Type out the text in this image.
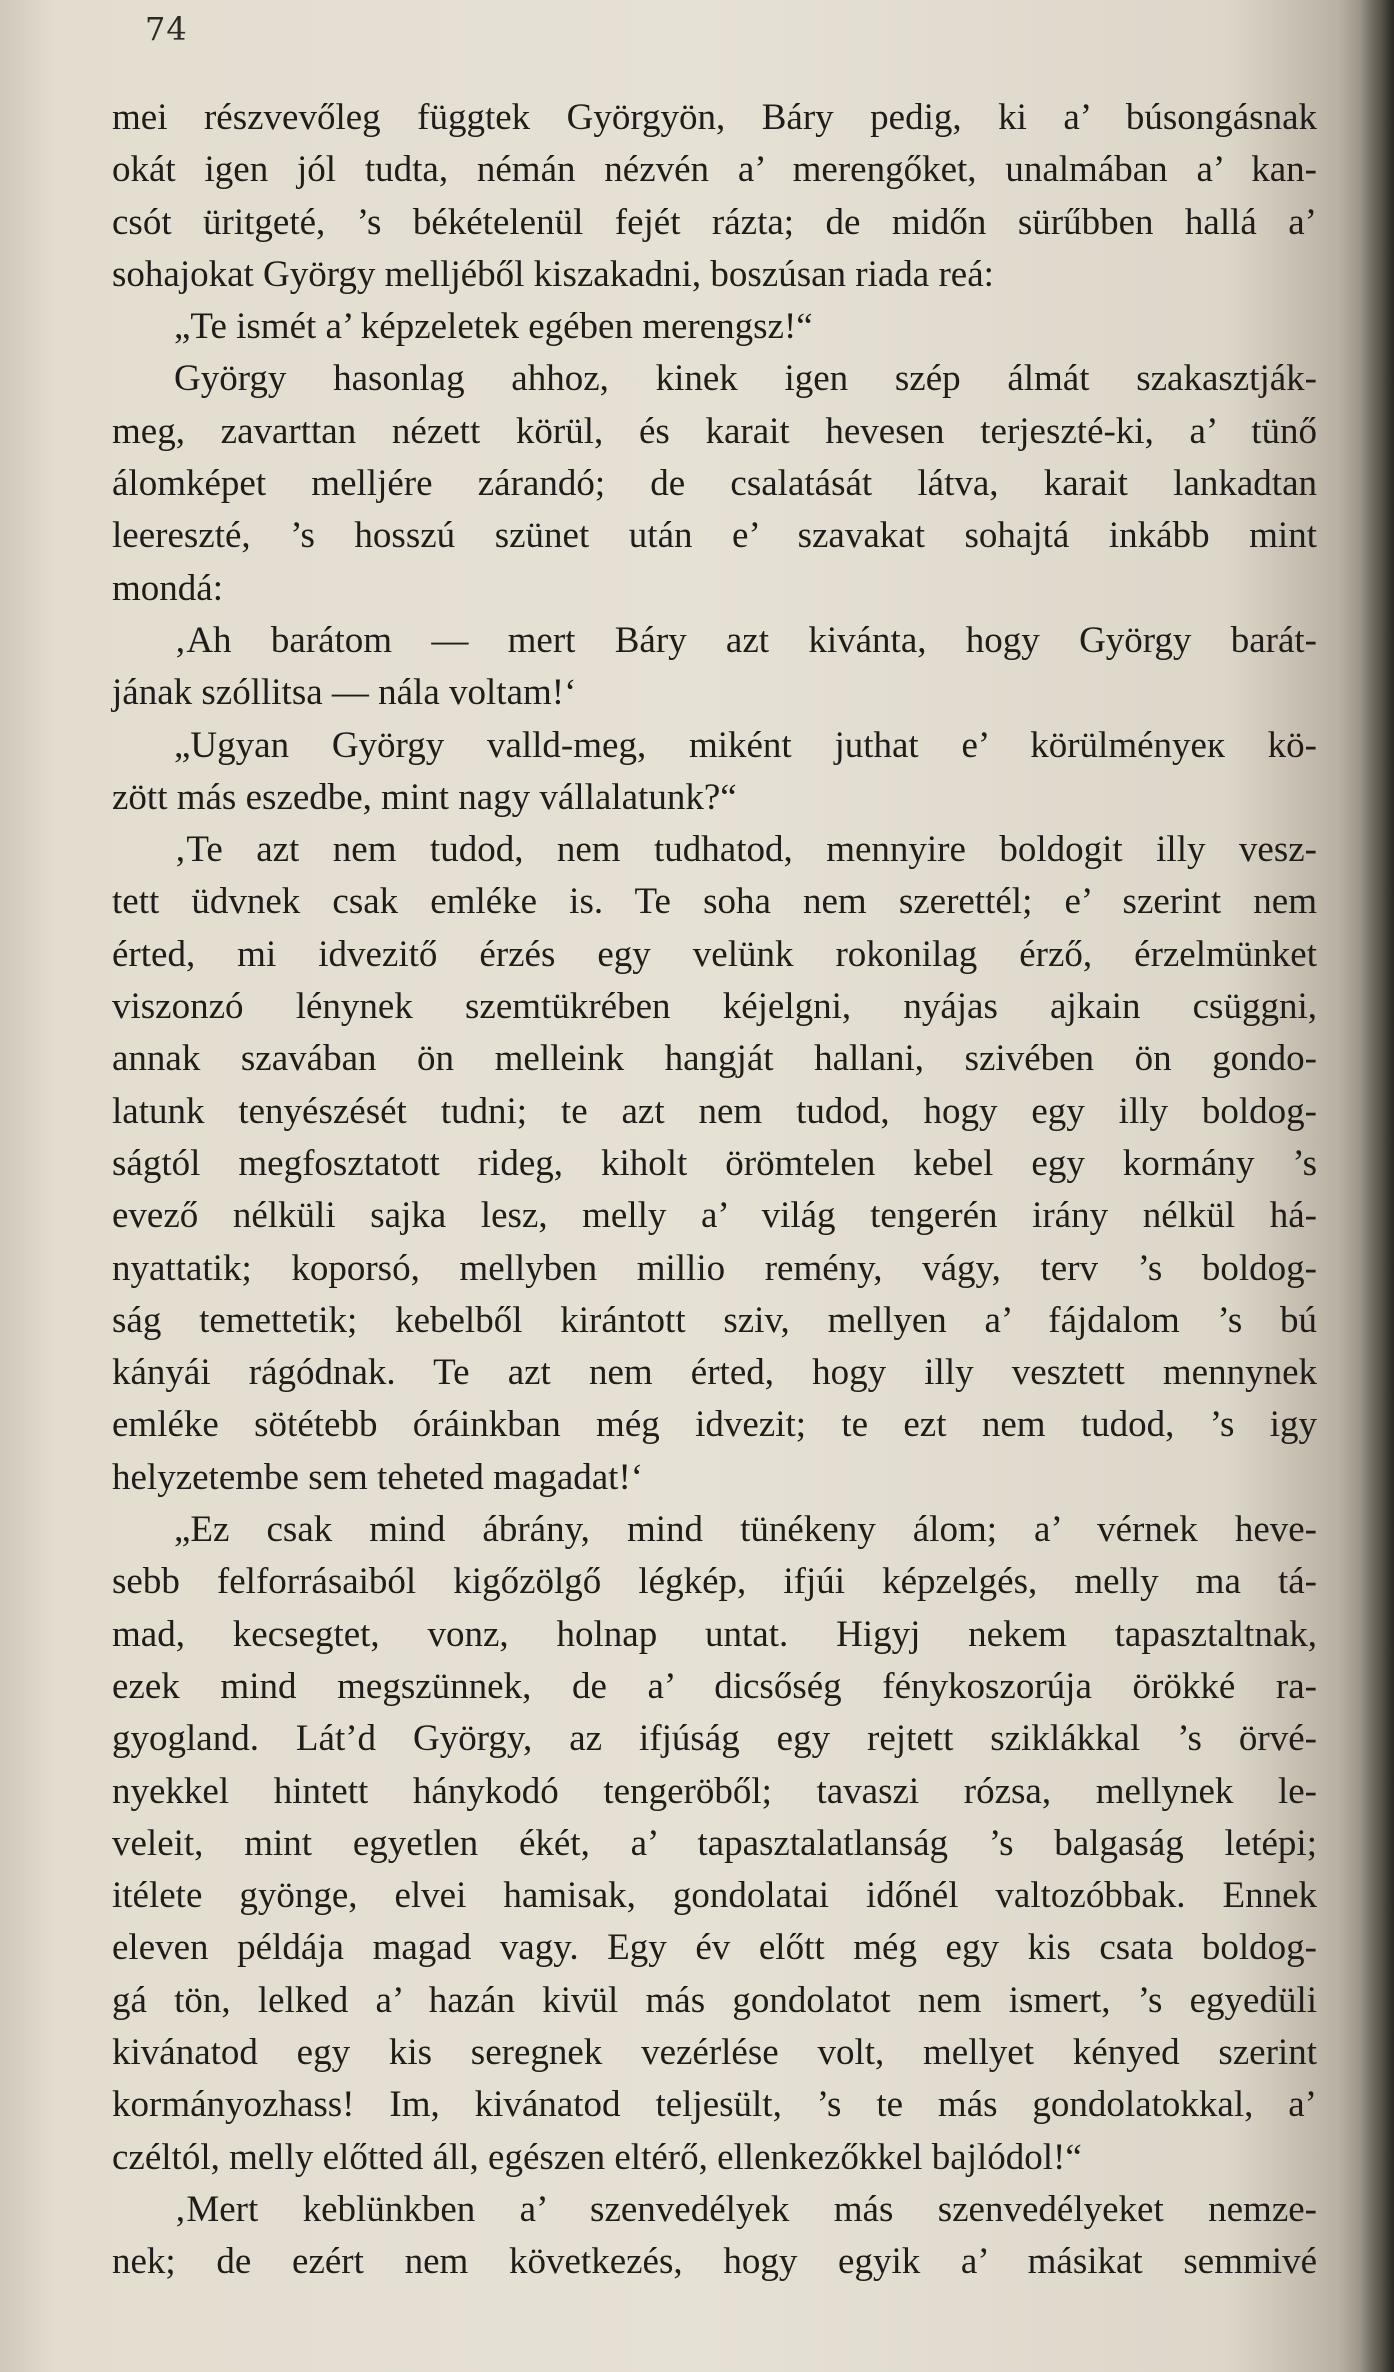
74
mei részvevőleg függtek Györgyön, Báry pedig, ki a’ búsongásnak
okát igen jól tudta, némán nézvén a’ merengőket, unalmában a’ kan-
csót üritgeté, ’s békételenül fejét rázta; de midőn sürűbben hallá a’
sohajokat György melljéből kiszakadni, boszúsan riada reá:
„Te ismét a’ képzeletek egében merengsz!“
György hasonlag ahhoz, kinek igen szép álmát szakasztják-
meg, zavarttan nézett körül, és karait hevesen terjeszté-ki, a’ tünő
álomképet melljére zárandó; de csalatását látva, karait lankadtan
leereszté, ’s hosszú szünet után e’ szavakat sohajtá inkább mint
mondá:
‚Ah barátom — mert Báry azt kivánta, hogy György barát-
jának szóllitsa — nála voltam!‘
„Ugyan György valld-meg, miként juthat e’ körülményeк kö-
zött más eszedbe, mint nagy vállalatunk?“
‚Te azt nem tudod, nem tudhatod, mennyire boldogit illy vesz-
tett üdvnek csak emléke is. Te soha nem szerettél; e’ szerint nem
érted, mi idvezitő érzés egy velünk rokonilag érző, érzelmünket
viszonzó lénynek szemtükrében kéjelgni, nyájas ajkain csüggni,
annak szavában ön melleink hangját hallani, szivében ön gondo-
latunk tenyészését tudni; te azt nem tudod, hogy egy illy boldog-
ságtól megfosztatott rideg, kiholt örömtelen kebel egy kormány ’s
evező nélküli sajka lesz, melly a’ világ tengerén irány nélkül há-
nyattatik; koporsó, mellyben millio remény, vágy, terv ’s boldog-
ság temettetik; kebelből kirántott sziv, mellyen a’ fájdalom ’s bú
kányái rágódnak. Te azt nem érted, hogy illy vesztett mennynek
emléke sötétebb óráinkban még idvezit; te ezt nem tudod, ’s igy
helyzetembe sem teheted magadat!‘
„Ez csak mind ábrány, mind tünékeny álom; a’ vérnek heve-
sebb felforrásaiból kigőzölgő légkép, ifjúi képzelgés, melly ma tá-
mad, kecsegtet, vonz, holnap untat. Higyj nekem tapasztaltnak,
ezek mind megszünnek, de a’ dicsőség fénykoszorúja örökké ra-
gyogland. Lát’d György, az ifjúság egy rejtett sziklákkal ’s örvé-
nyekkel hintett hánykodó tengeröből; tavaszi rózsa, mellynek le-
veleit, mint egyetlen ékét, a’ tapasztalatlanság ’s balgaság letépi;
itélete gyönge, elvei hamisak, gondolatai időnél valtozóbbak. Ennek
eleven példája magad vagy. Egy év előtt még egy kis csata boldog-
gá tön, lelked a’ hazán kivül más gondolatot nem ismert, ’s egyedüli
kivánatod egy kis seregnek vezérlése volt, mellyet kényed szerint
kormányozhass! Im, kivánatod teljesült, ’s te más gondolatokkal, a’
czéltól, melly előtted áll, egészen eltérő, ellenkezőkkel bajlódol!“
‚Mert keblünkben a’ szenvedélyek más szenvedélyeket nemze-
nek; de ezért nem következés, hogy egyik a’ másikat semmivé
